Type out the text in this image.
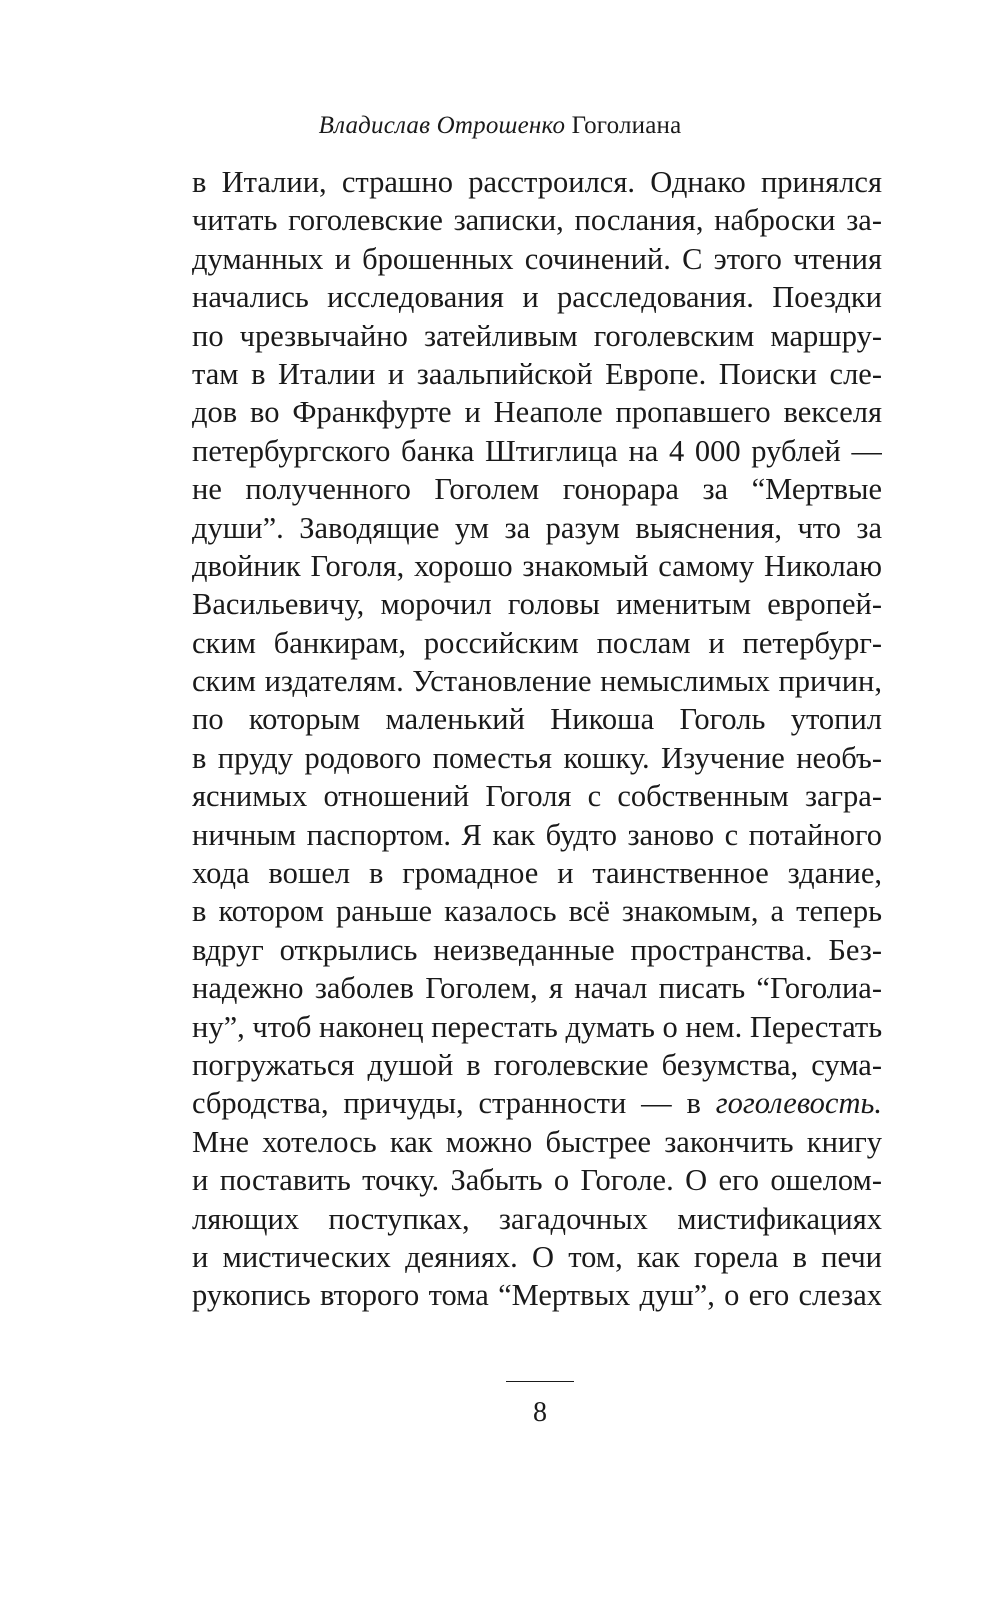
Владислав Отрошенко Гоголиана
в Италии, страшно расстроился. Однако принялся
читать гоголевские записки, послания, наброски за-
думанных и брошенных сочинений. С этого чтения
начались исследования и расследования. Поездки
по чрезвычайно затейливым гоголевским маршру-
там в Италии и заальпийской Европе. Поиски сле-
дов во Франкфурте и Неаполе пропавшего векселя
петербургского банка Штиглица на 4 000 рублей —
не полученного Гоголем гонорара за “Мертвые
души”. Заводящие ум за разум выяснения, что за
двойник Гоголя, хорошо знакомый самому Николаю
Васильевичу, морочил головы именитым европей-
ским банкирам, российским послам и петербург-
ским издателям. Установление немыслимых причин,
по которым маленький Никоша Гоголь утопил
в пруду родового поместья кошку. Изучение необъ-
яснимых отношений Гоголя с собственным загра-
ничным паспортом. Я как будто заново с потайного
хода вошел в громадное и таинственное здание,
в котором раньше казалось всё знакомым, а теперь
вдруг открылись неизведанные пространства. Без-
надежно заболев Гоголем, я начал писать “Гоголиа-
ну”, чтоб наконец перестать думать о нем. Перестать
погружаться душой в гоголевские безумства, сума-
сбродства, причуды, странности — в гоголевость.
Мне хотелось как можно быстрее закончить книгу
и поставить точку. Забыть о Гоголе. О его ошелом-
ляющих поступках, загадочных мистификациях
и мистических деяниях. О том, как горела в печи
рукопись второго тома “Мертвых душ”, о его слезах
8
